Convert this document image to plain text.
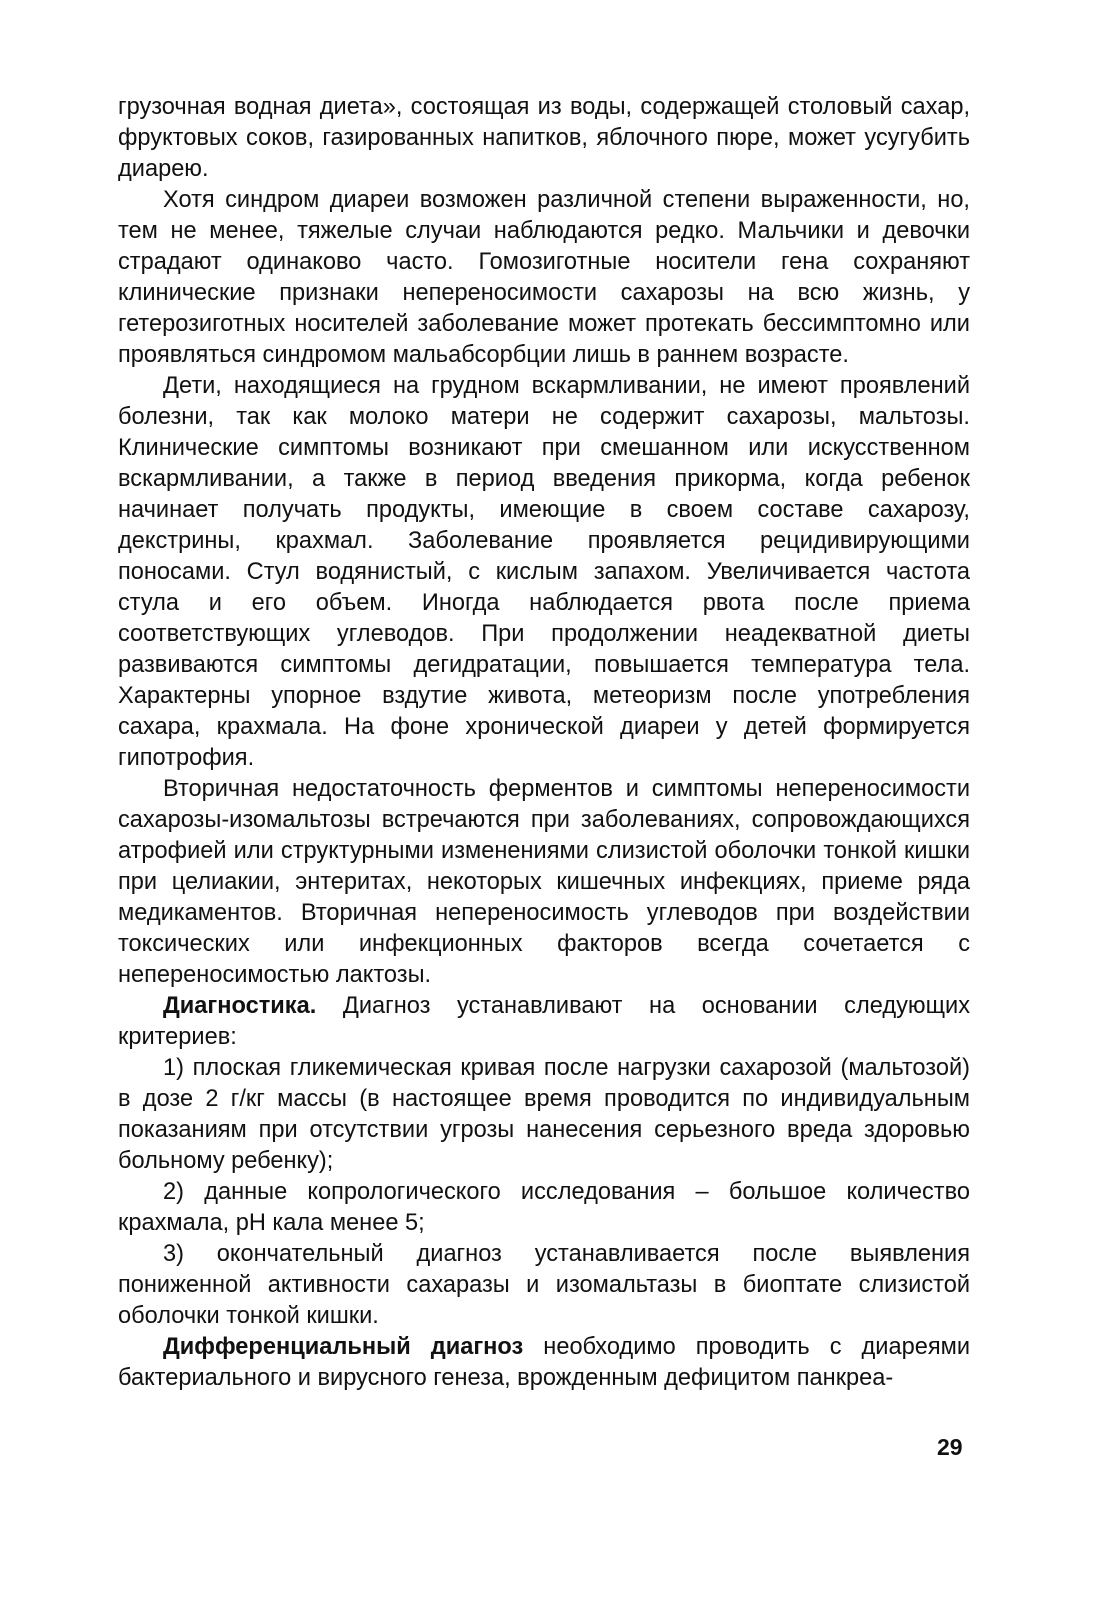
грузочная водная диета», состоящая из воды, содержащей столовый сахар, фруктовых соков, газированных напитков, яблочного пюре, может усугубить диарею.

Хотя синдром диареи возможен различной степени выраженности, но, тем не менее, тяжелые случаи наблюдаются редко. Мальчики и девочки страдают одинаково часто. Гомозиготные носители гена сохраняют клинические признаки непереносимости сахарозы на всю жизнь, у гетерозиготных носителей заболевание может протекать бессимптомно или проявляться синдромом мальабсорбции лишь в раннем возрасте.

Дети, находящиеся на грудном вскармливании, не имеют проявлений болезни, так как молоко матери не содержит сахарозы, мальтозы. Клинические симптомы возникают при смешанном или искусственном вскармливании, а также в период введения прикорма, когда ребенок начинает получать продукты, имеющие в своем составе сахарозу, декстрины, крахмал. Заболевание проявляется рецидивирующими поносами. Стул водянистый, с кислым запахом. Увеличивается частота стула и его объем. Иногда наблюдается рвота после приема соответствующих углеводов. При продолжении неадекватной диеты развиваются симптомы дегидратации, повышается температура тела. Характерны упорное вздутие живота, метеоризм после употребления сахара, крахмала. На фоне хронической диареи у детей формируется гипотрофия.

Вторичная недостаточность ферментов и симптомы непереносимости сахарозы-изомальтозы встречаются при заболеваниях, сопровождающихся атрофией или структурными изменениями слизистой оболочки тонкой кишки при целиакии, энтеритах, некоторых кишечных инфекциях, приеме ряда медикаментов. Вторичная непереносимость углеводов при воздействии токсических или инфекционных факторов всегда сочетается с непереносимостью лактозы.

Диагностика. Диагноз устанавливают на основании следующих критериев:

1) плоская гликемическая кривая после нагрузки сахарозой (мальтозой) в дозе 2 г/кг массы (в настоящее время проводится по индивидуальным показаниям при отсутствии угрозы нанесения серьезного вреда здоровью больному ребенку);

2) данные копрологического исследования – большое количество крахмала, pH кала менее 5;

3) окончательный диагноз устанавливается после выявления пониженной активности сахаразы и изомальтазы в биоптате слизистой оболочки тонкой кишки.

Дифференциальный диагноз необходимо проводить с диареями бактериального и вирусного генеза, врожденным дефицитом панкреа-

29
